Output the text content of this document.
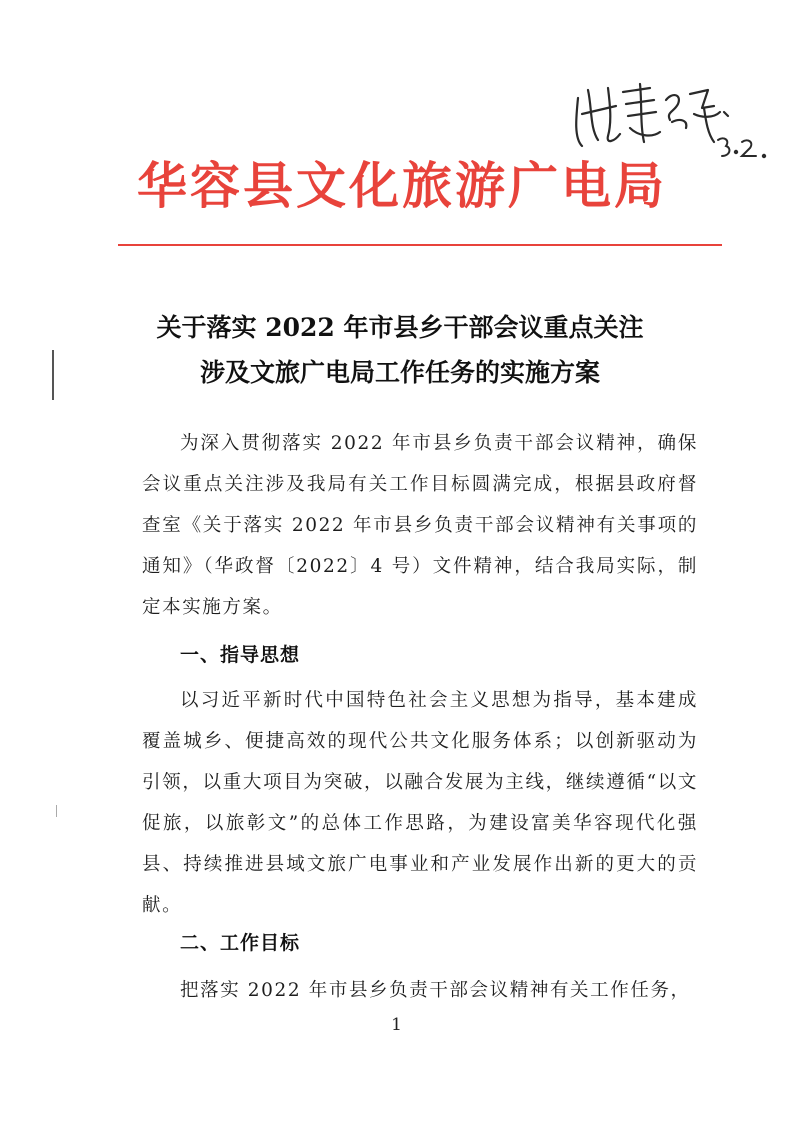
华容县文化旅游广电局
关于落实 2022 年市县乡干部会议重点关注
涉及文旅广电局工作任务的实施方案
为深入贯彻落实 2022 年市县乡负责干部会议精神，确保会议重点关注涉及我局有关工作目标圆满完成，根据县政府督查室《关于落实 2022 年市县乡负责干部会议精神有关事项的通知》（华政督〔2022〕4 号）文件精神，结合我局实际，制定本实施方案。
一、指导思想
以习近平新时代中国特色社会主义思想为指导，基本建成覆盖城乡、便捷高效的现代公共文化服务体系；以创新驱动为引领，以重大项目为突破，以融合发展为主线，继续遵循“以文促旅，以旅彰文”的总体工作思路，为建设富美华容现代化强县、持续推进县域文旅广电事业和产业发展作出新的更大的贡献。
二、工作目标
把落实 2022 年市县乡负责干部会议精神有关工作任务，
1
